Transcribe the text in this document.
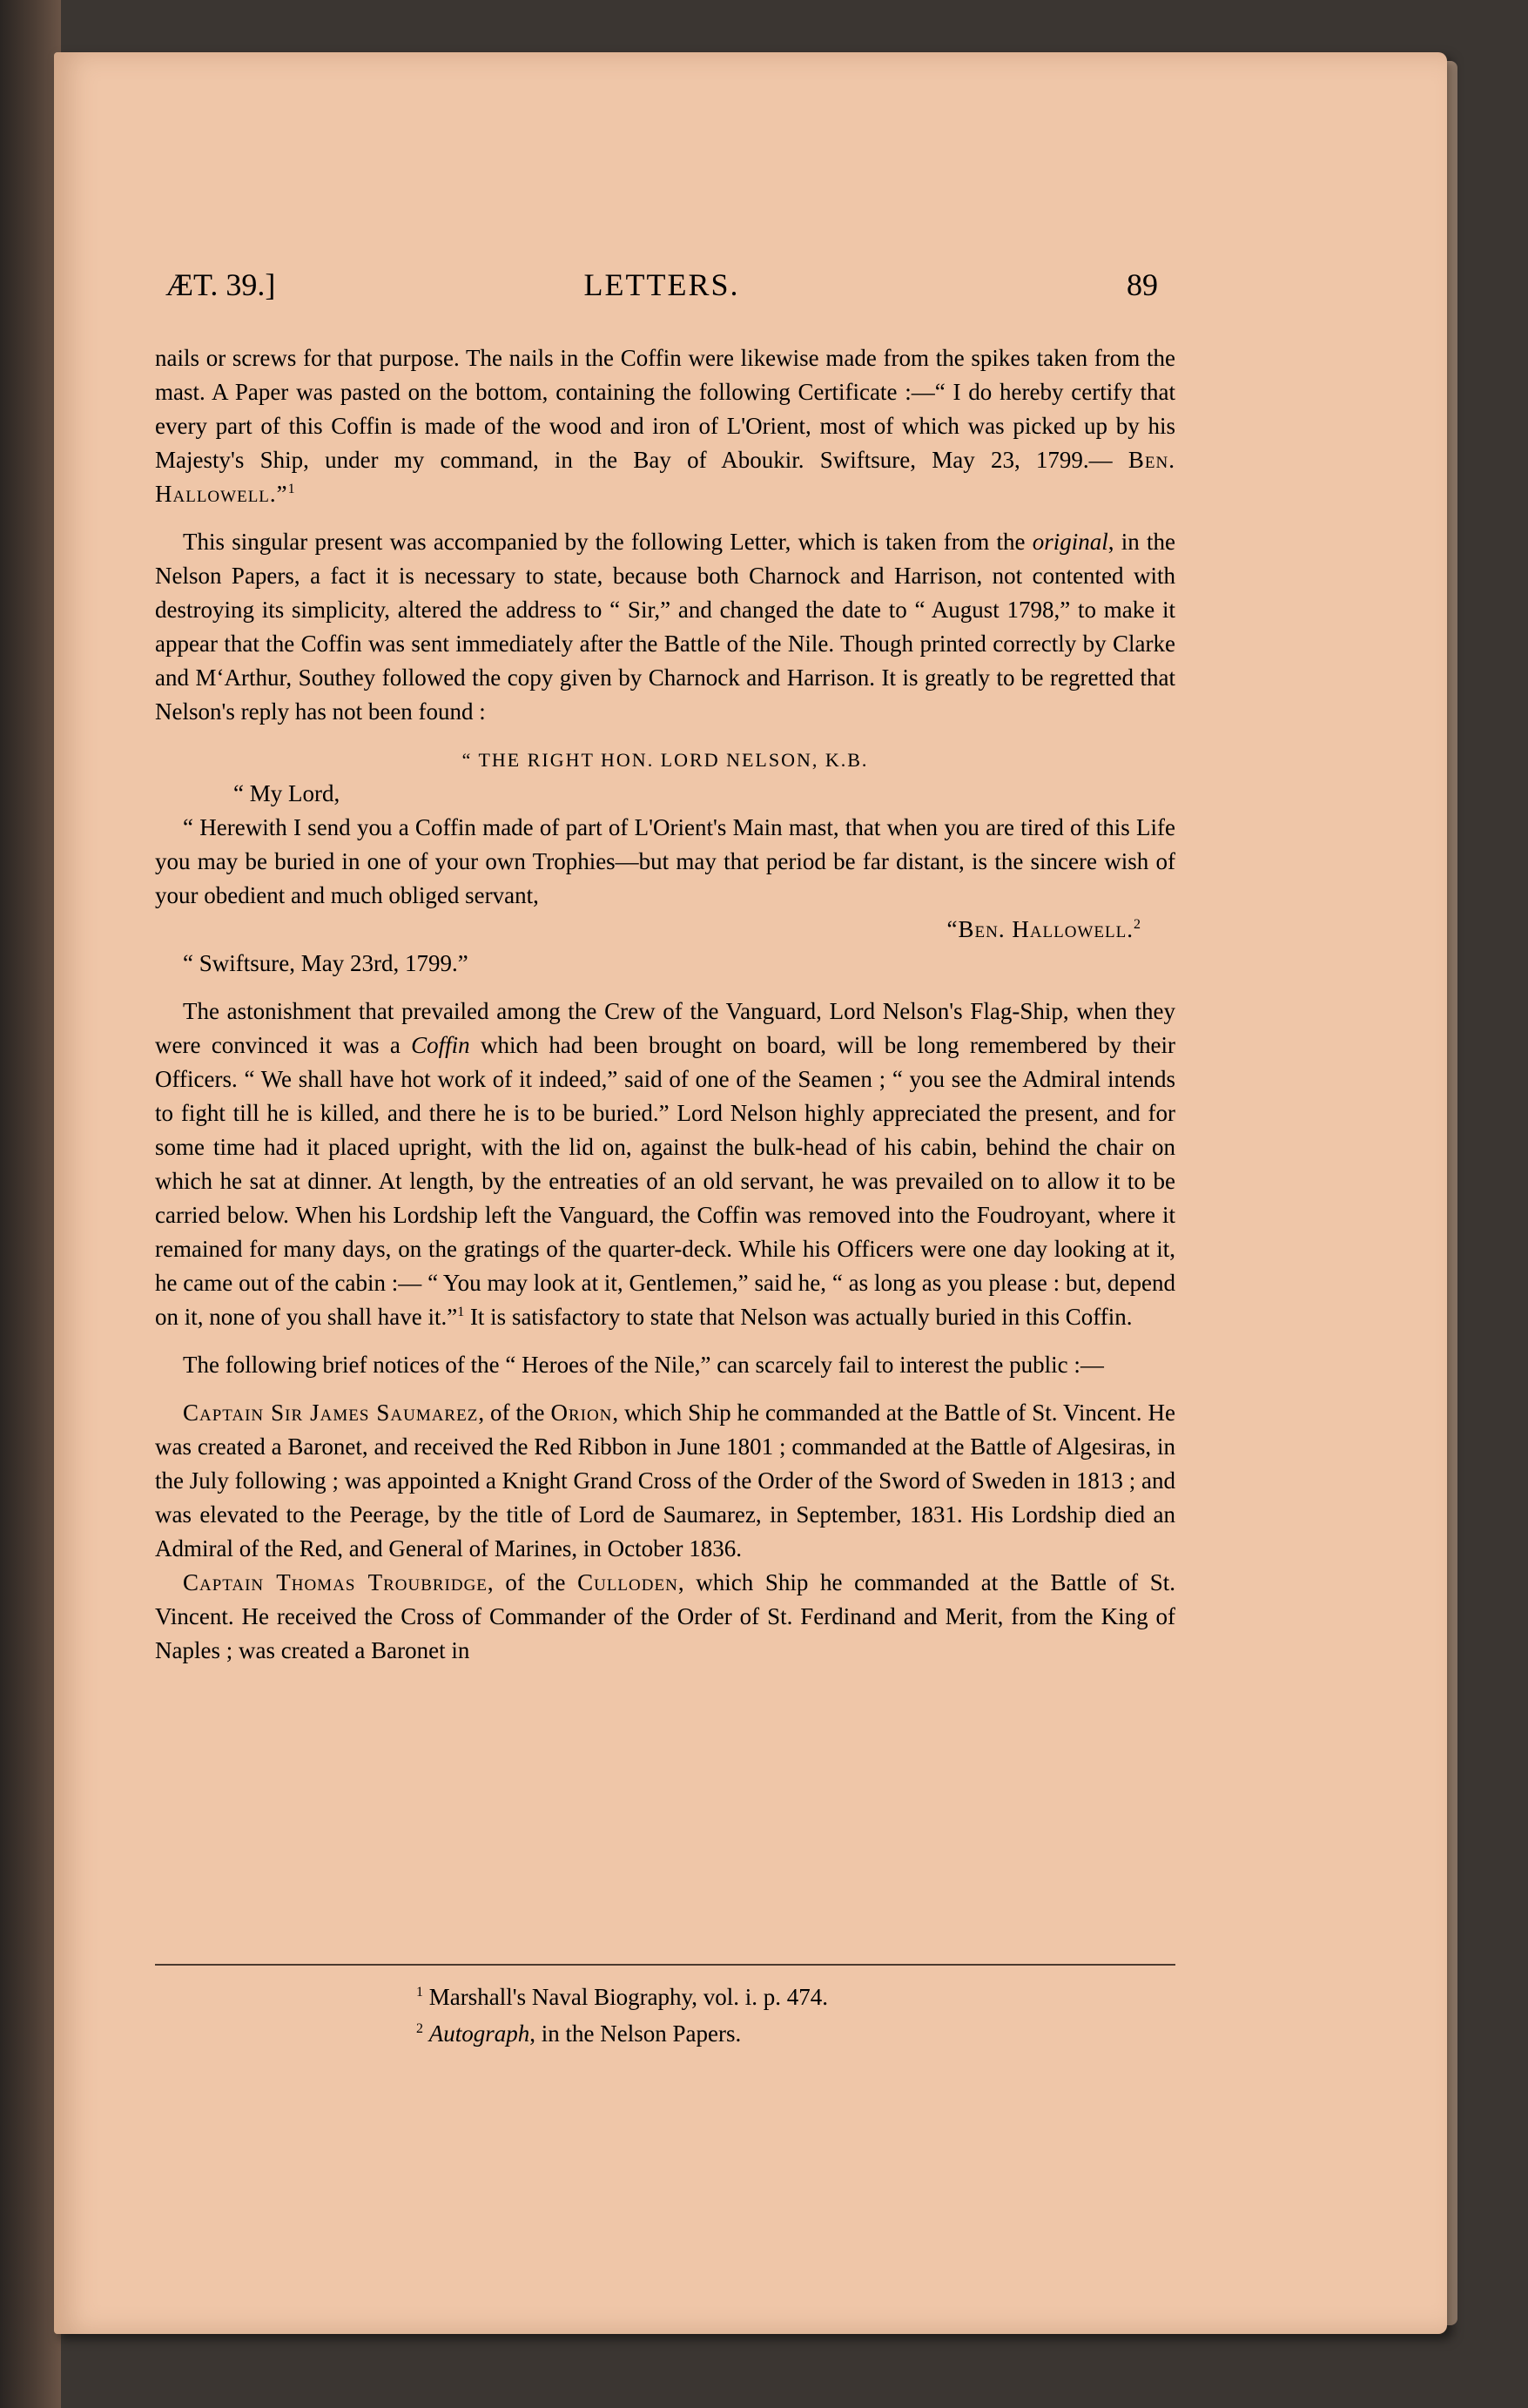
ÆT. 39.]	LETTERS.	89

nails or screws for that purpose. The nails in the Coffin were likewise made from the spikes taken from the mast. A Paper was pasted on the bottom, containing the following Certificate :—“ I do hereby certify that every part of this Coffin is made of the wood and iron of L'Orient, most of which was picked up by his Majesty's Ship, under my command, in the Bay of Aboukir. Swiftsure, May 23, 1799.— Ben. Hallowell.”$^1$

This singular present was accompanied by the following Letter, which is taken from the original, in the Nelson Papers, a fact it is necessary to state, because both Charnock and Harrison, not contented with destroying its simplicity, altered the address to “ Sir,” and changed the date to “ August 1798,” to make it appear that the Coffin was sent immediately after the Battle of the Nile. Though printed correctly by Clarke and M‘Arthur, Southey followed the copy given by Charnock and Harrison. It is greatly to be regretted that Nelson's reply has not been found :

“ THE RIGHT HON. LORD NELSON, K.B.

“ My Lord,

“ Herewith I send you a Coffin made of part of L'Orient's Main mast, that when you are tired of this Life you may be buried in one of your own Trophies—but may that period be far distant, is the sincere wish of your obedient and much obliged servant,

“Ben. Hallowell.$^2$

“ Swiftsure, May 23rd, 1799.”

The astonishment that prevailed among the Crew of the Vanguard, Lord Nelson's Flag-Ship, when they were convinced it was a Coffin which had been brought on board, will be long remembered by their Officers. “ We shall have hot work of it indeed,” said of one of the Seamen ; “ you see the Admiral intends to fight till he is killed, and there he is to be buried.” Lord Nelson highly appreciated the present, and for some time had it placed upright, with the lid on, against the bulk-head of his cabin, behind the chair on which he sat at dinner. At length, by the entreaties of an old servant, he was prevailed on to allow it to be carried below. When his Lordship left the Vanguard, the Coffin was removed into the Foudroyant, where it remained for many days, on the gratings of the quarter-deck. While his Officers were one day looking at it, he came out of the cabin :— “ You may look at it, Gentlemen,” said he, “ as long as you please : but, depend on it, none of you shall have it.”$^1$ It is satisfactory to state that Nelson was actually buried in this Coffin.

The following brief notices of the “ Heroes of the Nile,” can scarcely fail to interest the public :—

Captain Sir James Saumarez, of the Orion, which Ship he commanded at the Battle of St. Vincent. He was created a Baronet, and received the Red Ribbon in June 1801 ; commanded at the Battle of Algesiras, in the July following ; was appointed a Knight Grand Cross of the Order of the Sword of Sweden in 1813 ; and was elevated to the Peerage, by the title of Lord de Saumarez, in September, 1831. His Lordship died an Admiral of the Red, and General of Marines, in October 1836.

Captain Thomas Troubridge, of the Culloden, which Ship he commanded at the Battle of St. Vincent. He received the Cross of Commander of the Order of St. Ferdinand and Merit, from the King of Naples ; was created a Baronet in

$^1$ Marshall's Naval Biography, vol. i. p. 474.
$^2$ Autograph, in the Nelson Papers.
